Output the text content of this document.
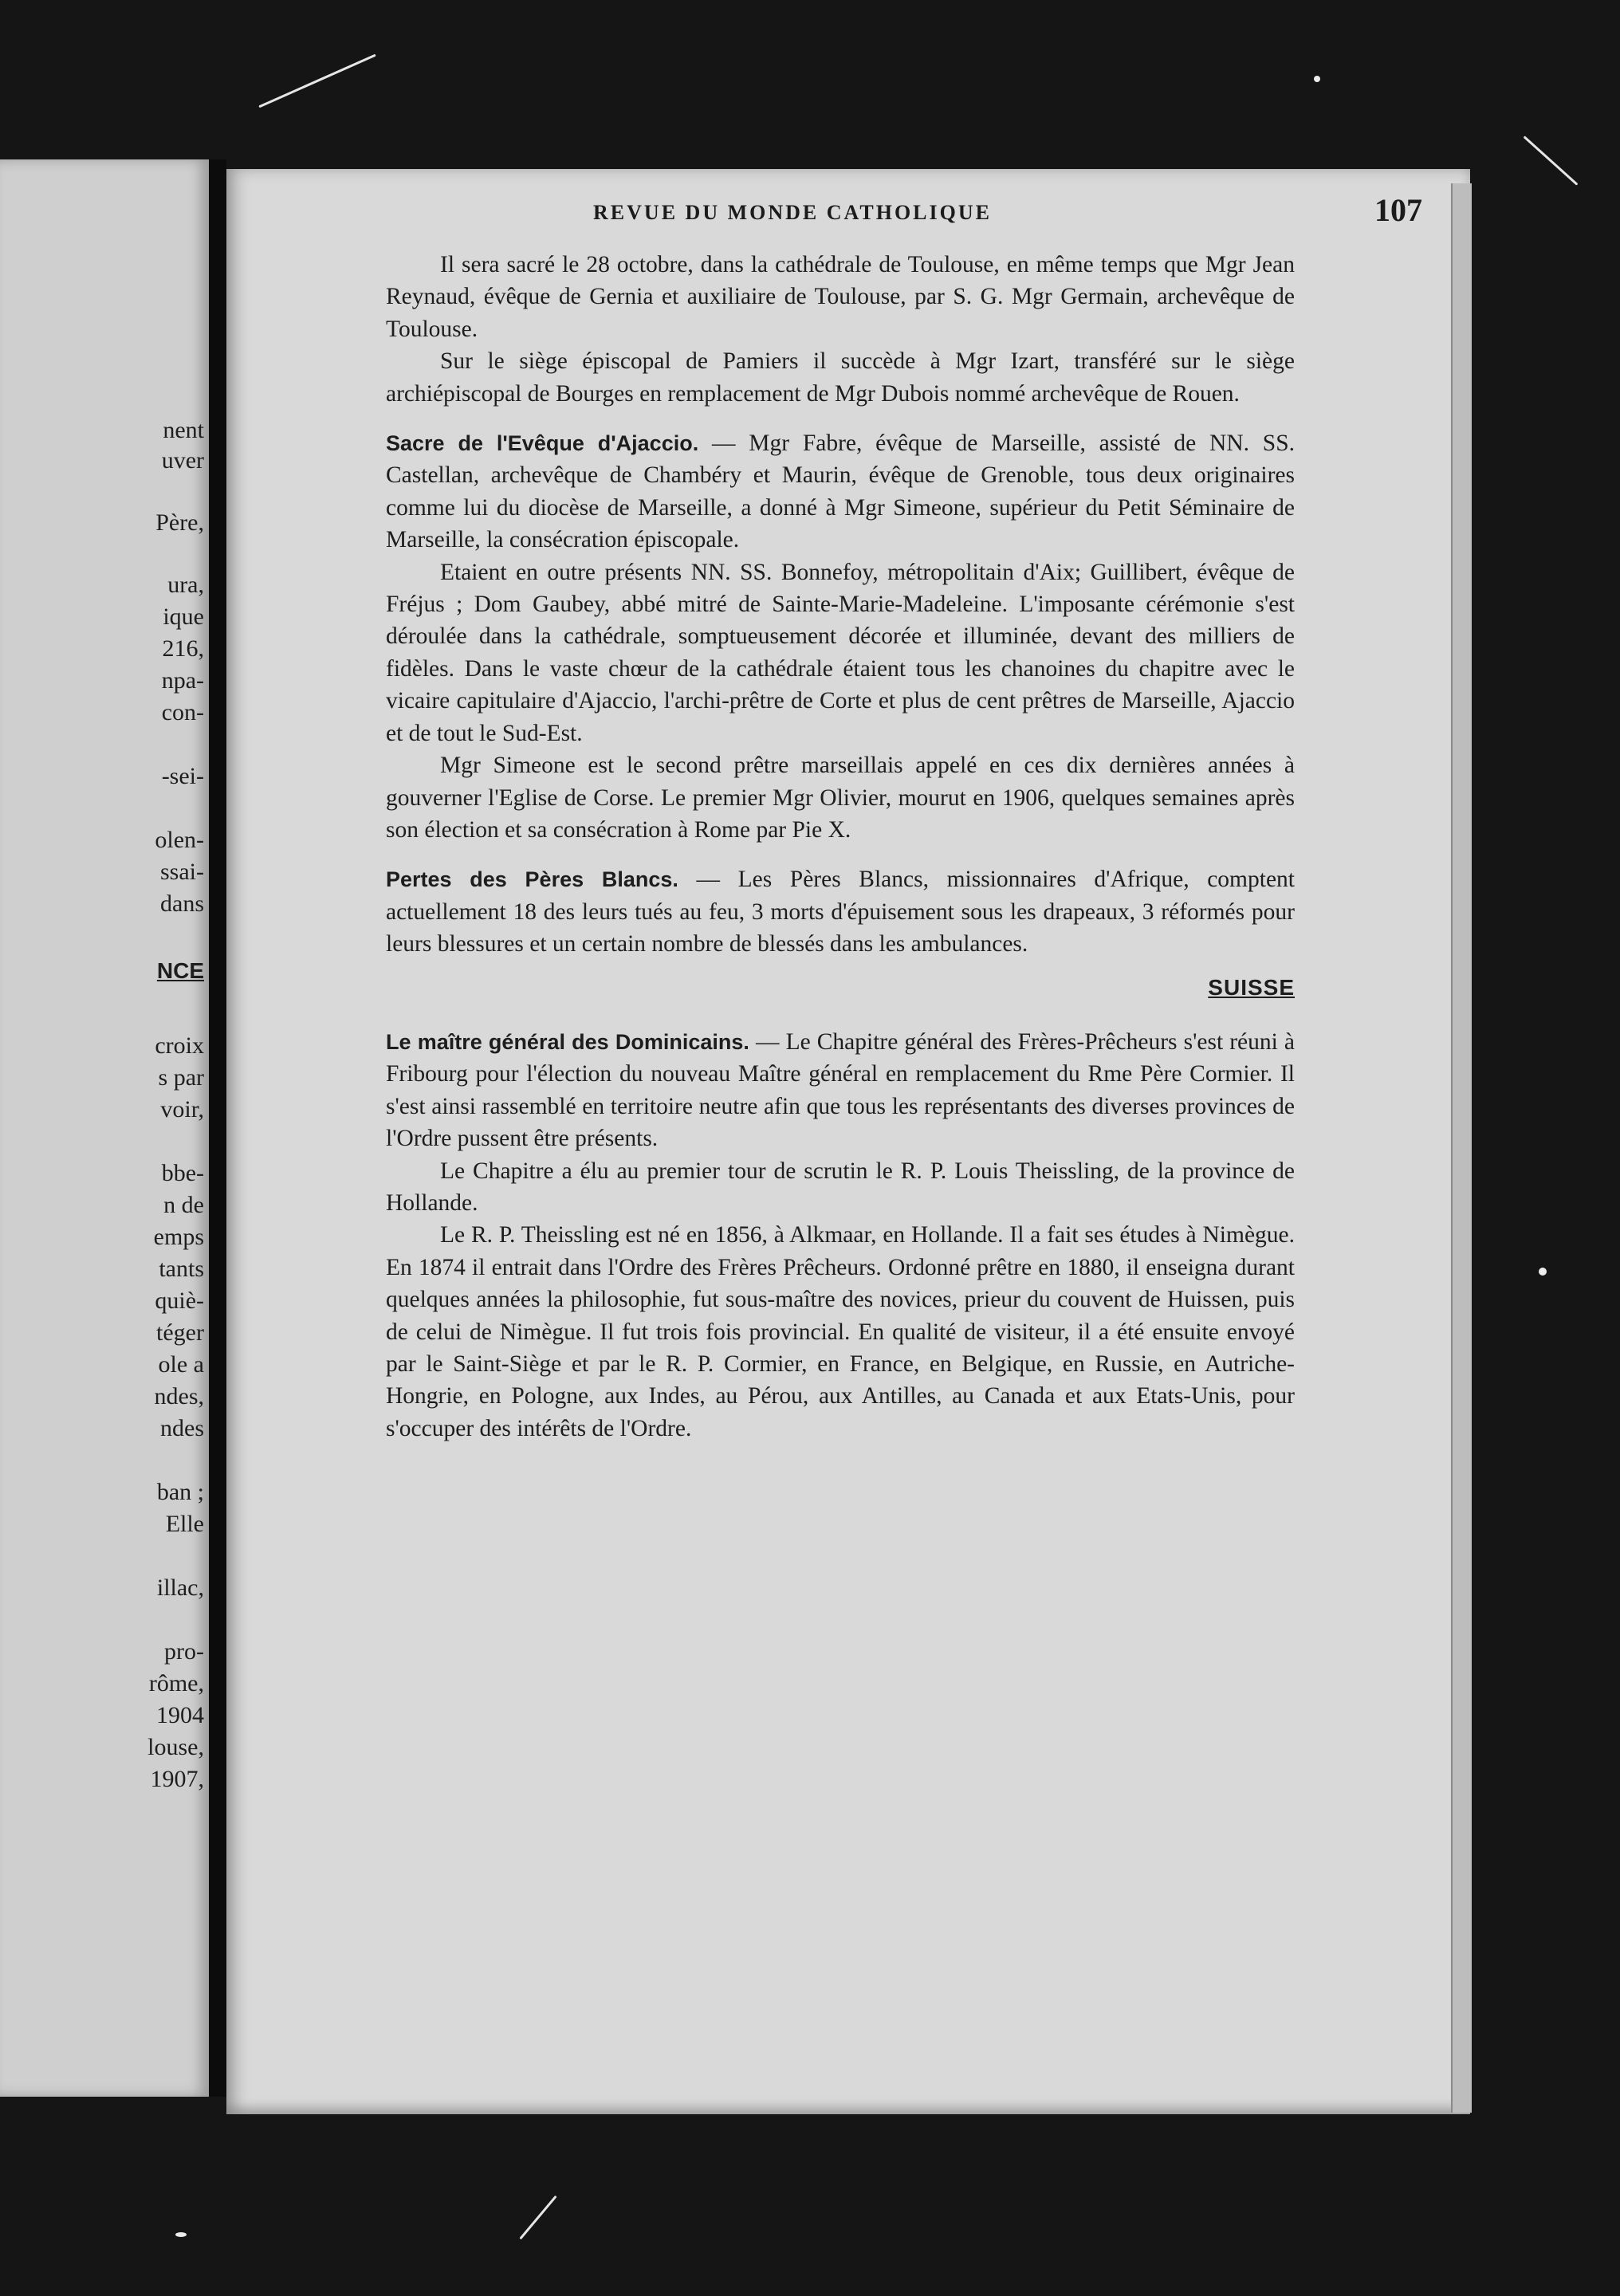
nent
uver
Père,
ura,
ique
216,
npa-
con-
-sei-
olen-
ssai-
dans
NCE
croix
s par
voir,
bbe-
n de
emps
tants
quiè-
téger
ole a
ndes,
ndes
ban ;
Elle
illac,
pro-
rôme,
1904
louse,
1907,
REVUE DU MONDE CATHOLIQUE	107

Il sera sacré le 28 octobre, dans la cathédrale de Toulouse, en même temps que Mgr Jean Reynaud, évêque de Gernia et auxiliaire de Toulouse, par S. G. Mgr Germain, archevêque de Toulouse.

Sur le siège épiscopal de Pamiers il succède à Mgr Izart, transféré sur le siège archiépiscopal de Bourges en remplacement de Mgr Dubois nommé archevêque de Rouen.

Sacre de l'Evêque d'Ajaccio. — Mgr Fabre, évêque de Marseille, assisté de NN. SS. Castellan, archevêque de Chambéry et Maurin, évêque de Grenoble, tous deux originaires comme lui du diocèse de Marseille, a donné à Mgr Simeone, supérieur du Petit Séminaire de Marseille, la consécration épiscopale.

Etaient en outre présents NN. SS. Bonnefoy, métropolitain d'Aix; Guillibert, évêque de Fréjus ; Dom Gaubey, abbé mitré de Sainte-Marie-Madeleine. L'imposante cérémonie s'est déroulée dans la cathédrale, somptueusement décorée et illuminée, devant des milliers de fidèles. Dans le vaste chœur de la cathédrale étaient tous les chanoines du chapitre avec le vicaire capitulaire d'Ajaccio, l'archi-prêtre de Corte et plus de cent prêtres de Marseille, Ajaccio et de tout le Sud-Est.

Mgr Simeone est le second prêtre marseillais appelé en ces dix dernières années à gouverner l'Eglise de Corse. Le premier Mgr Olivier, mourut en 1906, quelques semaines après son élection et sa consécration à Rome par Pie X.

Pertes des Pères Blancs. — Les Pères Blancs, missionnaires d'Afrique, comptent actuellement 18 des leurs tués au feu, 3 morts d'épuisement sous les drapeaux, 3 réformés pour leurs blessures et un certain nombre de blessés dans les ambulances.

SUISSE

Le maître général des Dominicains. — Le Chapitre général des Frères-Prêcheurs s'est réuni à Fribourg pour l'élection du nouveau Maître général en remplacement du Rme Père Cormier. Il s'est ainsi rassemblé en territoire neutre afin que tous les représentants des diverses provinces de l'Ordre pussent être présents.

Le Chapitre a élu au premier tour de scrutin le R. P. Louis Theissling, de la province de Hollande.

Le R. P. Theissling est né en 1856, à Alkmaar, en Hollande. Il a fait ses études à Nimègue. En 1874 il entrait dans l'Ordre des Frères Prêcheurs. Ordonné prêtre en 1880, il enseigna durant quelques années la philosophie, fut sous-maître des novices, prieur du couvent de Huissen, puis de celui de Nimègue. Il fut trois fois provincial. En qualité de visiteur, il a été ensuite envoyé par le Saint-Siège et par le R. P. Cormier, en France, en Belgique, en Russie, en Autriche-Hongrie, en Pologne, aux Indes, au Pérou, aux Antilles, au Canada et aux Etats-Unis, pour s'occuper des intérêts de l'Ordre.
